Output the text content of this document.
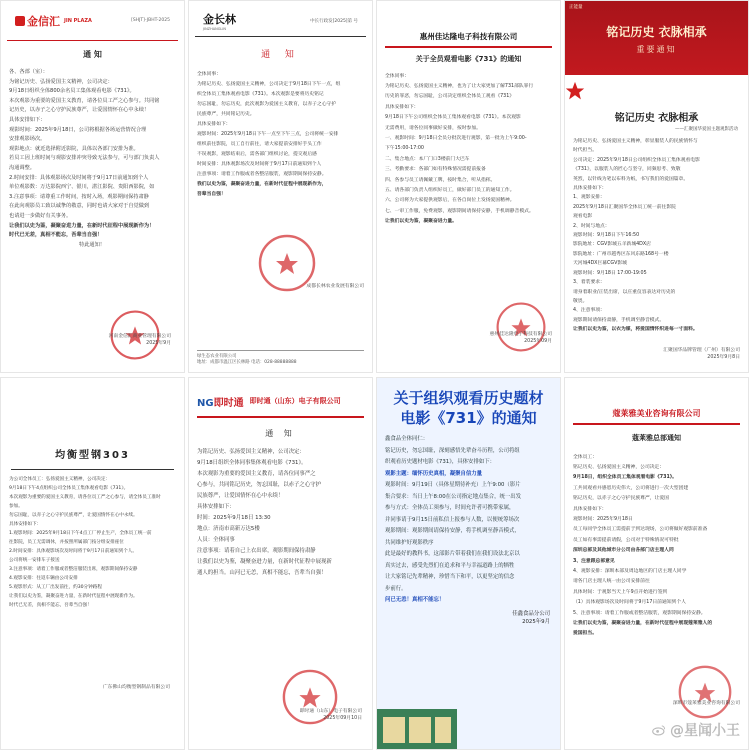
金信汇 JIN PLAZA	[SHJT]-JBHT-2025
通 知

各、各部（室）：

为铭记历史、弘扬爱国主义精神，公司决定：

9月18日组织全体800余名员工集体观看电影《731》。

本次观影为重要的爱国主义教育，请各位员工严之心参与。共同铭

记历史，以赤子之心守护民族尊严，让爱国情怀在心中永续！

具体安排如下：

观影时间：2025年9月18日，公司将根据各场运营情况合理

安排观影场次。

观影地点：就近选择附近影院，具体以各部门安排为准。

若员工因上班时间与观影安排冲突导致无法参与，可与部门负责人

沟通调整。

2.时间安排：具体观影场次及时间将于9月17日前通知到个人

单位观影数：万达影院西宁、银川，湛江影院、贵阳西影院，如

3.注意事项：请尊重工作时间，按时入场，观影期间保持肃静

在此向观影员工致以诚挚的敬意，同时也请大家对于自觉做到

也请进一步做好有关事务。

让我们以史为鉴，凝聚奋进力量，在新时代征程中展现新作为！

时代已无差，真相不能忘，吾辈当自强！

特此通知！

河南金信汇商业管理有限公司
2025年9月
金长林
JINZHANGLIN
中长行政发[2025]第 号
通 知

全体同事：

为铭记历史、弘扬爱国主义精神，公司决定于9月18日下午一点，组

织全体员工集体观看电影《731》。本次观影是要将历史铭记

勿忘国耻，勿忘历史，此次观影为爱国主义教育，以赤子之心守护

民族尊严，共同铭记历史。

具体安排如下：

观影时间：2025年9月18日下午一点至下午三点，公司将统一安排

组织前往影院，员工自行前往，请大家提前安排好手头工作

不误观影，观影结束后，需各部门组织讨论，提交观后感

时间安排：具体观影场次及时间将于9月17日前通知到个人

注意事项：请着工作服或者各整洁服装，观影期间保持安静。

我们以史为鉴，凝聚奋进力量，在新时代征程中展现新作为，

吾辈当自强！

成都长林农业发展有限公司
绿生态农业有限公司
地址：成都市温江区长林路 电话：028-88888888
惠州佳达隆电子科技有限公司
关于全员观看电影《731》的通知

全体同事：

为铭记历史、弘扬爱国主义精神，也为了让大家更加了解731部队罪行

历史的罪恶，勿忘国耻，公司决定组织全体员工观看《731》

具体安排如下：

9月18日下午公司组织全体员工集体观看电影《731》。本次观影

无需费用，请各位同事做好安排，按时参加。

一、观影时间：9月18日全员分批次进行观影，第一批为上午9:00-

下午15:00-17:00

二、集合地点：本厂门口3楼前门大巴车

三、考勤要求：各部门如有特殊情况需提前报备

四、各参与员工请佩戴工牌，按时集合，听从指挥。

五、请各部门负责人组织好员工，做好部门员工的通知工作。

六、公司将为大家提供观影后，在各自岗位上发扬爱国精神。

七、一审工作服，免费观影，观影期间请保持安静，手机调静音模式。

让我们以史为鉴，凝聚奋进力量。

惠州佳达隆电子科技有限公司
2025年09月
正能量
铭记历史 衣脉相承
重要通知
铭记历史 衣脉相承
——汇聚国华爱国主题观影活动

为铭记历史、弘扬爱国主义精神，彰显服装人的民族情怀与

时代担当。

公司决定：2025年9月18日公司组织全体员工集体观看电影

《731》，以服装人的匠心与坚守，同频思考、致敬

英烈，以针线为笔以布料为纸，书写我们的爱国篇章。

具体安排如下：

1、观影安排：

2025年9月18日汇聚国华全体员工统一前往影院

观看电影

2、时间与地点：

观影时间：9月18日下午16:50

影院地址：CGV影城五羊新城4DX店

影院地址：广州市越秀区东风东路168号一楼

天河城4DX巨幕CGV影城

观影时间：9月18日 17:00-19:05

3、着装要求：

请身着职业/正装出席，以庄重仪容表达对历史的

敬畏。

4、注意事项：

观影期间请保持肃静，手机调至静音模式。

让我们以史为鉴，以衣为媒，将爱国情怀织进每一寸面料。

汇聚国华品牌管理（广州）有限公司
2025年9月8日
均衡型钢303

为公司全体员工：弘扬爱国主义精神，公司决定：

9月18日下午4点组织公司全体员工集体观看电影《731》。

本次观影为重要的爱国主义教育，请各位员工严之心参与，请全体员工准时

参加。

勿忘国耻，以赤子之心守护民族尊严，让爱国情怀在心中永续。

具体安排如下：

1.观影时间：2025年9月18日下午4点工厂停止生产，全体员工统一前

往影院，员工无需调休，并按照所属部门按分组安排座位

2.时间安排：具体观影场次及时间将于9月17日前通知到个人。

公司将统一安排车子接送

3.注意事项：请着工作服或者整洁服装出席，观影期间保持安静

4.观影安排：往返车辆由公司安排

5.观影形式：从工厂出发前往，约30分钟路程

让我们以史为鉴，凝聚奋进力量，在新时代征程中展现新作为。

时代已无差，真相不能忘，吾辈当自强！

广东佛山均衡型钢制品有限公司
NG即时通 即时通（山东）电子有限公司
通 知

为铭记历史、弘扬爱国主义精神，公司决定：

9月18日组织全体同事集体观看电影《731》。

本次观影为重要的爱国主义教育，请各位同事严之

心参与，共同铭记历史，勿忘国耻，以赤子之心守护

民族尊严，让爱国情怀在心中永续！

具体安排如下：

时间：2025年9月18日 13:30

地点：济南市高新万达5楼

人员：全体同事

注意事项：请着自己上衣出席，观影期间保持肃静

让我们以史为鉴，凝聚奋进力量，在新时代征程中展现新

通人的担当。山河已无恙，真相不能忘，吾辈当自强！

即时通（山东）电子有限公司
2025年09月10日
关于组织观看历史题材
电影《731》的通知

鑫食品全体同仁：

铭记历史，勿忘国耻，深刻感悟先辈奋斗历程，公司将组

织观看历史题材电影《731》，具体安排如下：

观影主题：缅怀历史真相，凝聚自信力量

观影时间：9月19日（具体星期待补充）上午9:00（影片

集合要求：当日上午8:00在公司指定地点集合，统一出发

参与方式：全体员工须参与，时间允许者可携带家属，

并同事请于9月15日前私信上报参与人数，以便统筹场次

观影期间：观影期间请保持安静，将手机调至静音模式，

共同维护好观影秩序

此是最好的教科书，这部影片带着我们在我们设法北京以

真实过去，感受先烈们在追求和平与幸福道路上的牺牲

让大家铭记先辈精神，珍惜当下和平，以更坚定的信念

步前行。

问已无恙！真相不能忘！

佳鑫食品分公司
2025年9月
蔻莱雅美业咨询有限公司
蔻莱雅总部通知

全体员工：

铭记历史、弘扬爱国主义精神，公司决定：

9月18日，组织全体员工集体观看电影《731》。

工共同观看并感恩历史伟大，公司将进行一次大型团建

铭记历史，以赤子之心守护民族尊严，让爱国

具体安排如下：

观影时间：2025年9月18日

员工每同学全体员工需提前于到达现场，公司将做好观影前准备

员工如有事需提前请假，公司对于特殊情况可特批

深圳总部及其他城市分公司由各部门店主理人同

3、注意跟总部意见

4、观影安排：深圳本部及周边地区的门店主理人同学

请各门店主理人统一由公司安排前往

具体时间：于观影当天上午9点开始进行签到

（1）具体观影场次及时间将于9月17日前通知到个人

5、注意事项：请着工作服或者整洁服装，观影期间保持安静。

让我们以史为鉴，凝聚奋进力量，在新时代征程中展现蔻莱雅人的

爱国担当。

深圳市蔻莱雅美业咨询有限公司
@星闻小王
